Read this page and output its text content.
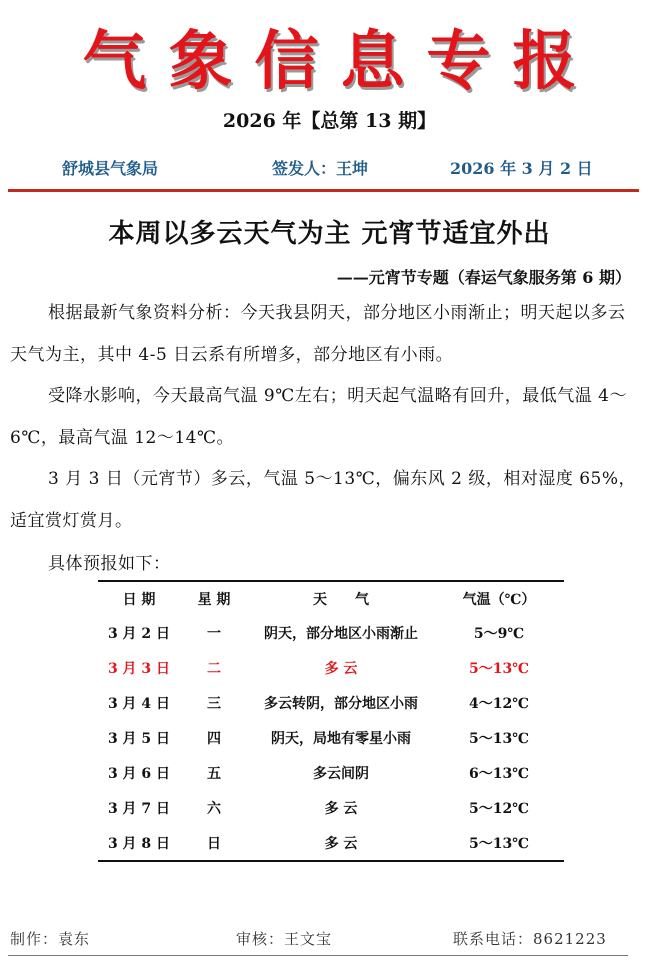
气 象 信 息 专 报
2026 年【总第 13 期】
舒城县气象局	签发人：王坤	2026 年 3 月 2 日
本周以多云天气为主 元宵节适宜外出
——元宵节专题（春运气象服务第 6 期）
根据最新气象资料分析：今天我县阴天，部分地区小雨渐止；明天起以多云天气为主，其中 4-5 日云系有所增多，部分地区有小雨。
受降水影响，今天最高气温 9℃左右；明天起气温略有回升，最低气温 4～6℃，最高气温 12～14℃。
3 月 3 日（元宵节）多云，气温 5～13℃，偏东风 2 级，相对湿度 65%，适宜赏灯赏月。
具体预报如下：
日 期	星 期	天　　气	气温（℃）
3 月 2 日	一	阴天，部分地区小雨渐止	5～9℃
3 月 3 日	二	多 云	5～13℃
3 月 4 日	三	多云转阴，部分地区小雨	4～12℃
3 月 5 日	四	阴天，局地有零星小雨	5～13℃
3 月 6 日	五	多云间阴	6～13℃
3 月 7 日	六	多 云	5～12℃
3 月 8 日	日	多 云	5～13℃
制作：袁东	审核：王文宝	联系电话：8621223
